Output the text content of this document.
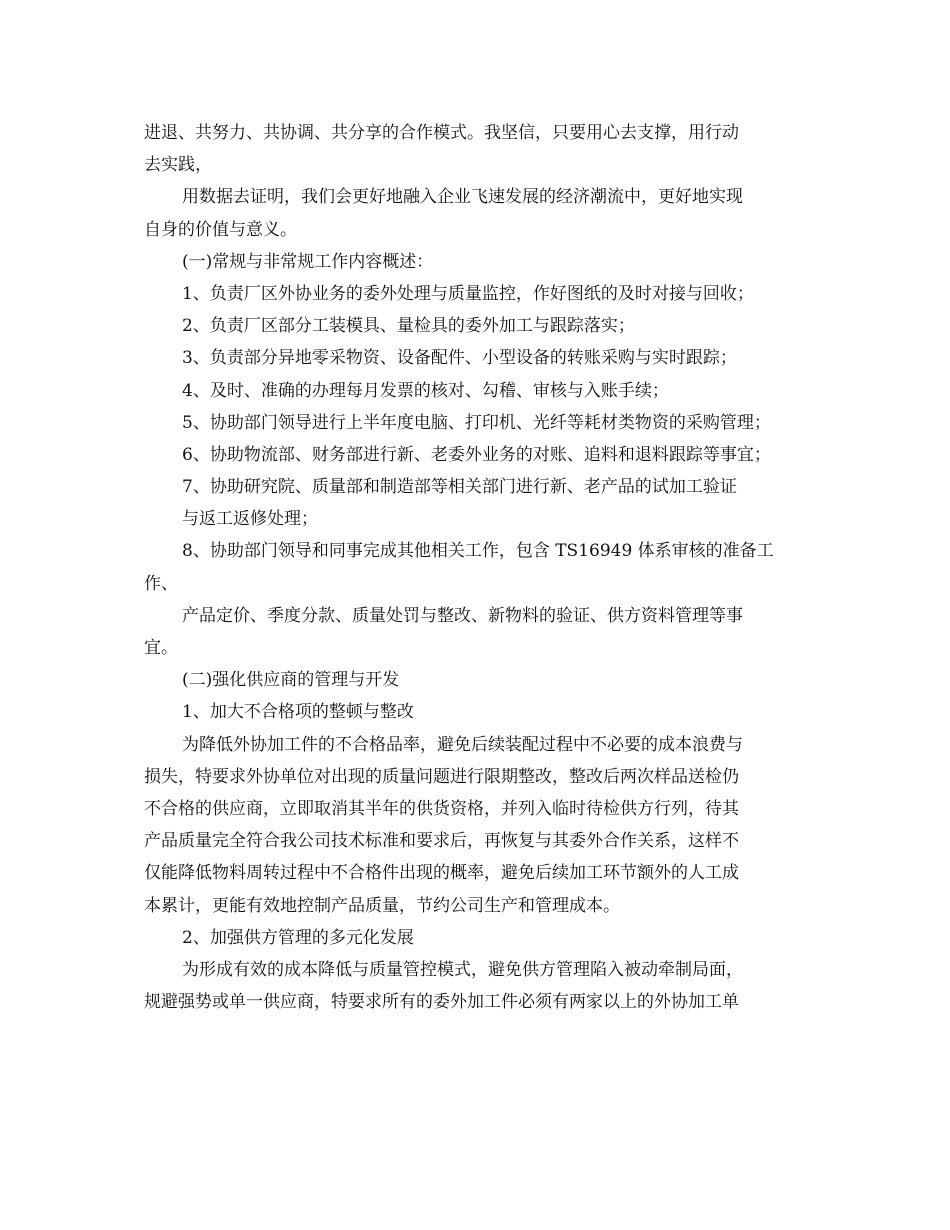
进退、共努力、共协调、共分享的合作模式。我坚信，只要用心去支撑，用行动
去实践，
用数据去证明，我们会更好地融入企业飞速发展的经济潮流中，更好地实现
自身的价值与意义。
(一)常规与非常规工作内容概述：
1、负责厂区外协业务的委外处理与质量监控，作好图纸的及时对接与回收；
2、负责厂区部分工装模具、量检具的委外加工与跟踪落实；
3、负责部分异地零采物资、设备配件、小型设备的转账采购与实时跟踪；
4、及时、准确的办理每月发票的核对、勾稽、审核与入账手续；
5、协助部门领导进行上半年度电脑、打印机、光纤等耗材类物资的采购管理；
6、协助物流部、财务部进行新、老委外业务的对账、追料和退料跟踪等事宜；
7、协助研究院、质量部和制造部等相关部门进行新、老产品的试加工验证
与返工返修处理；
8、协助部门领导和同事完成其他相关工作，包含 TS16949 体系审核的准备工
作、
产品定价、季度分款、质量处罚与整改、新物料的验证、供方资料管理等事
宜。
(二)强化供应商的管理与开发
1、加大不合格项的整顿与整改
为降低外协加工件的不合格品率，避免后续装配过程中不必要的成本浪费与
损失，特要求外协单位对出现的质量问题进行限期整改，整改后两次样品送检仍
不合格的供应商，立即取消其半年的供货资格，并列入临时待检供方行列，待其
产品质量完全符合我公司技术标准和要求后，再恢复与其委外合作关系，这样不
仅能降低物料周转过程中不合格件出现的概率，避免后续加工环节额外的人工成
本累计，更能有效地控制产品质量，节约公司生产和管理成本。
2、加强供方管理的多元化发展
为形成有效的成本降低与质量管控模式，避免供方管理陷入被动牵制局面，
规避强势或单一供应商，特要求所有的委外加工件必须有两家以上的外协加工单
